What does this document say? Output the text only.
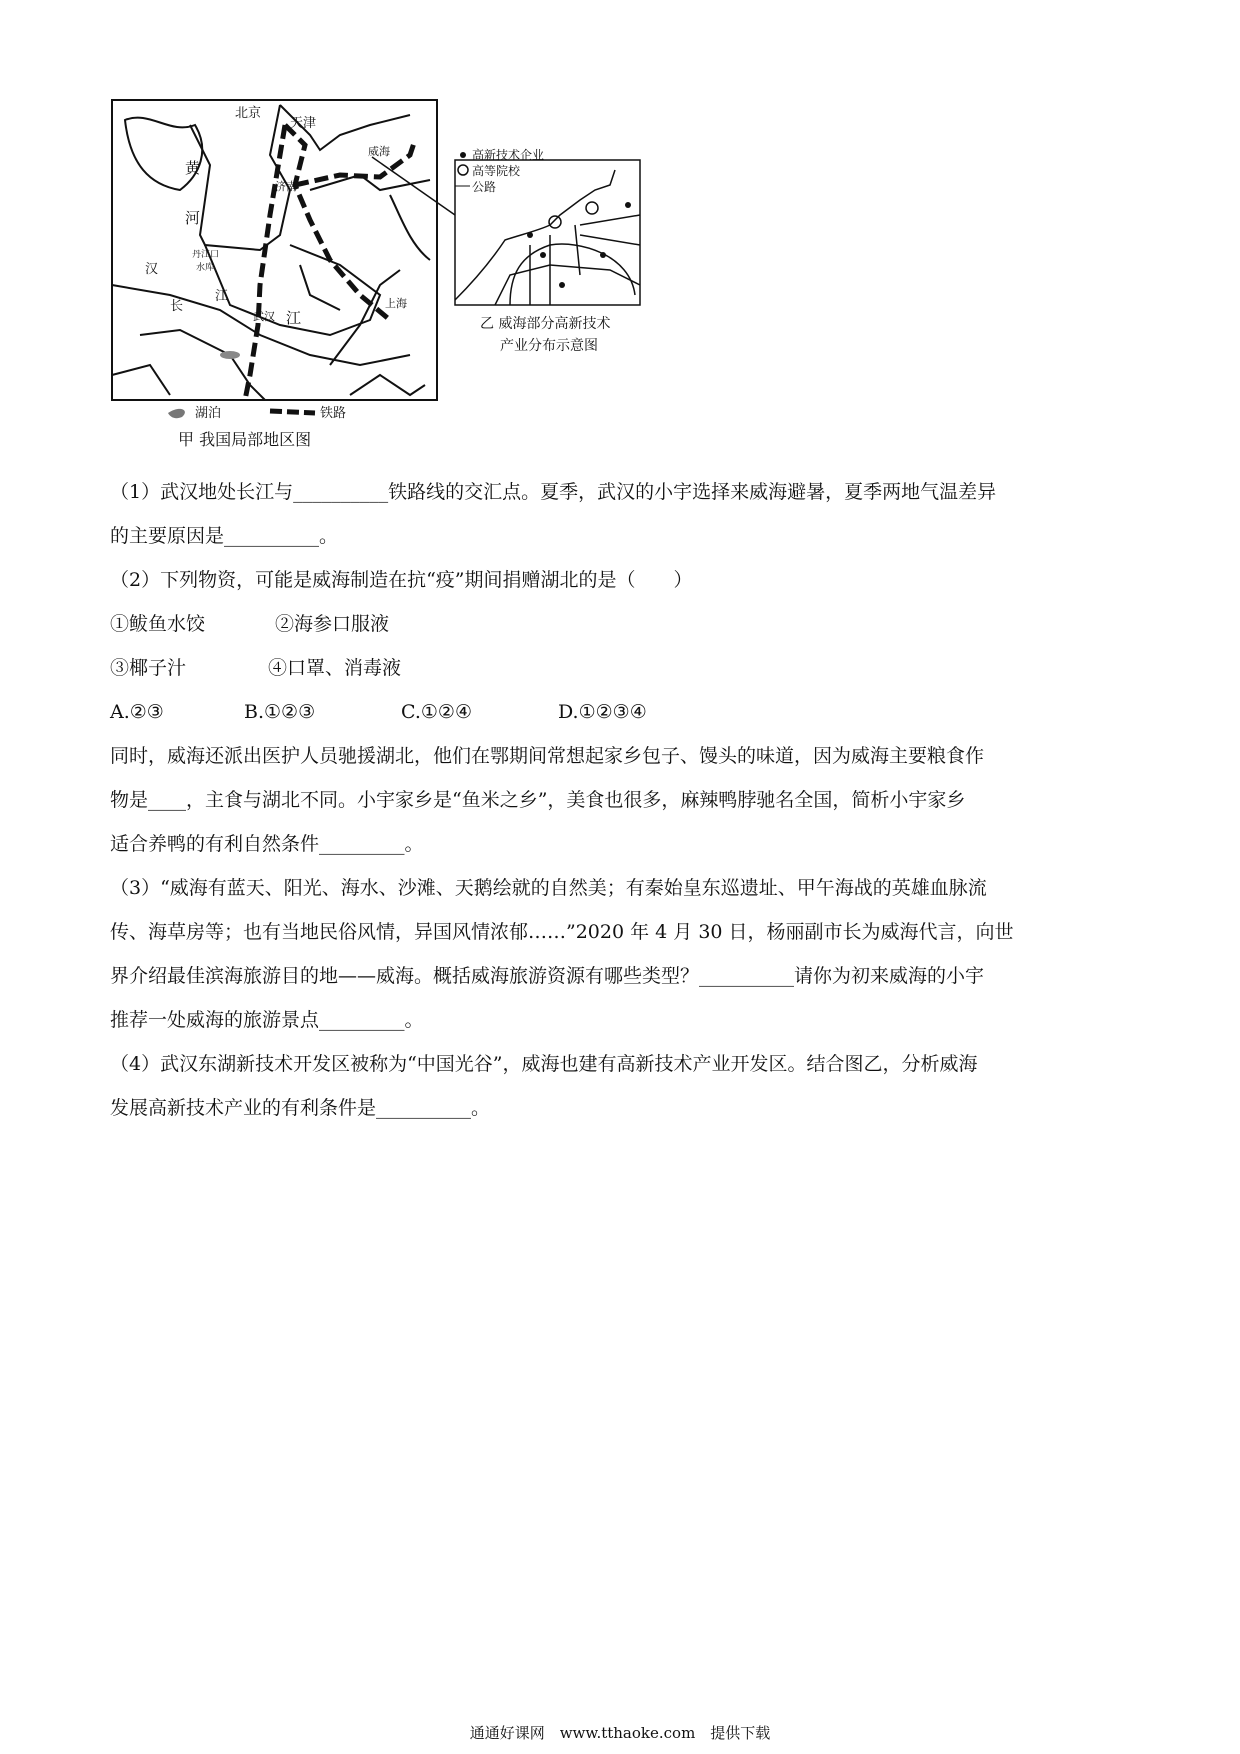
北京
天津
威海
济南
黄
河
丹江口
水库
汉
长
江
武汉 江
上海
湖泊	铁路
甲 我国局部地区图
高新技术企业
高等院校
公路
乙 威海部分高新技术
产业分布示意图
（1）武汉地处长江与__________铁路线的交汇点。夏季，武汉的小宇选择来威海避暑，夏季两地气温差异
的主要原因是__________。
（2）下列物资，可能是威海制造在抗“疫”期间捐赠湖北的是（　　）
①鲅鱼水饺	②海参口服液
③椰子汁	④口罩、消毒液
A.②③	B.①②③	C.①②④	D.①②③④
同时，威海还派出医护人员驰援湖北，他们在鄂期间常想起家乡包子、馒头的味道，因为威海主要粮食作
物是____，主食与湖北不同。小宇家乡是“鱼米之乡”，美食也很多，麻辣鸭脖驰名全国，简析小宇家乡
适合养鸭的有利自然条件_________。
（3）“威海有蓝天、阳光、海水、沙滩、天鹅绘就的自然美；有秦始皇东巡遗址、甲午海战的英雄血脉流
传、海草房等；也有当地民俗风情，异国风情浓郁……”2020 年 4 月 30 日，杨丽副市长为威海代言，向世
界介绍最佳滨海旅游目的地——威海。概括威海旅游资源有哪些类型？__________请你为初来威海的小宇
推荐一处威海的旅游景点_________。
（4）武汉东湖新技术开发区被称为“中国光谷”，威海也建有高新技术产业开发区。结合图乙，分析威海
发展高新技术产业的有利条件是__________。
通通好课网　www.tthaoke.com　提供下载
